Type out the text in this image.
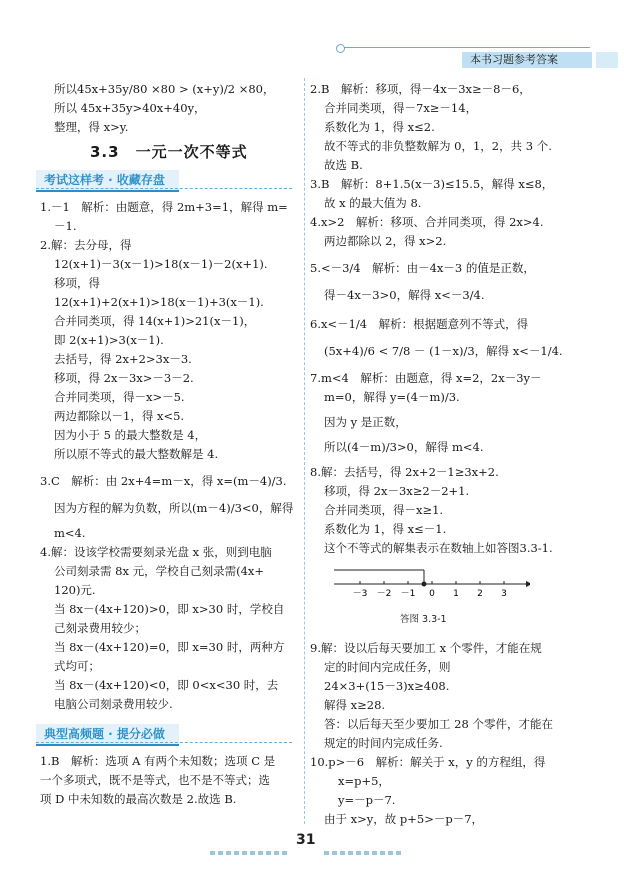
本书习题参考答案
所以45x+35y/80 ×80 > (x+y)/2 ×80，
所以 45x+35y>40x+40y，
整理，得 x>y.
3.3　一元一次不等式
考试这样考 · 收藏存盘
1.－1　解析：由题意，得 2m+3=1，解得 m=
－1.
2.解：去分母，得
12(x+1)－3(x－1)>18(x－1)－2(x+1).
移项，得
12(x+1)+2(x+1)>18(x－1)+3(x－1).
合并同类项，得 14(x+1)>21(x－1)，
即 2(x+1)>3(x－1).
去括号，得 2x+2>3x－3.
移项，得 2x－3x>－3－2.
合并同类项，得－x>－5.
两边都除以－1，得 x<5.
因为小于 5 的最大整数是 4，
所以原不等式的最大整数解是 4.
3.C　解析：由 2x+4=m－x，得 x=(m－4)/3.
因为方程的解为负数，所以(m－4)/3<0，解得
m<4.
4.解：设该学校需要刻录光盘 x 张，则到电脑
公司刻录需 8x 元，学校自己刻录需(4x+
120)元.
当 8x－(4x+120)>0，即 x>30 时，学校自
己刻录费用较少；
当 8x－(4x+120)=0，即 x=30 时，两种方
式均可；
当 8x－(4x+120)<0，即 0<x<30 时，去
电脑公司刻录费用较少.
典型高频题 · 提分必做
1.B　解析：选项 A 有两个未知数；选项 C 是
一个多项式，既不是等式，也不是不等式；选
项 D 中未知数的最高次数是 2.故选 B.
2.B　解析：移项，得－4x－3x≥－8－6，
合并同类项，得－7x≥－14，
系数化为 1，得 x≤2.
故不等式的非负整数解为 0，1，2，共 3 个.
故选 B.
3.B　解析：8+1.5(x－3)≤15.5，解得 x≤8，
故 x 的最大值为 8.
4.x>2　解析：移项、合并同类项，得 2x>4.
两边都除以 2，得 x>2.
5.<－3/4　解析：由－4x－3 的值是正数，
得－4x－3>0，解得 x<－3/4.
6.x<－1/4　解析：根据题意列不等式，得
(5x+4)/6 < 7/8 － (1－x)/3，解得 x<－1/4.
7.m<4　解析：由题意，得 x=2，2x－3y－
m=0，解得 y=(4－m)/3.
因为 y 是正数，
所以(4－m)/3>0，解得 m<4.
8.解：去括号，得 2x+2－1≥3x+2.
移项，得 2x－3x≥2－2+1.
合并同类项，得－x≥1.
系数化为 1，得 x≤－1.
这个不等式的解集表示在数轴上如答图3.3-1.
－3 －2 －1 0 1 2 3
答图 3.3-1
9.解：设以后每天要加工 x 个零件，才能在规
定的时间内完成任务，则
24×3+(15－3)x≥408.
解得 x≥28.
答：以后每天至少要加工 28 个零件，才能在
规定的时间内完成任务.
10.p>－6　解析：解关于 x，y 的方程组，得
x=p+5，
y=－p－7.
由于 x>y，故 p+5>－p－7，
31
